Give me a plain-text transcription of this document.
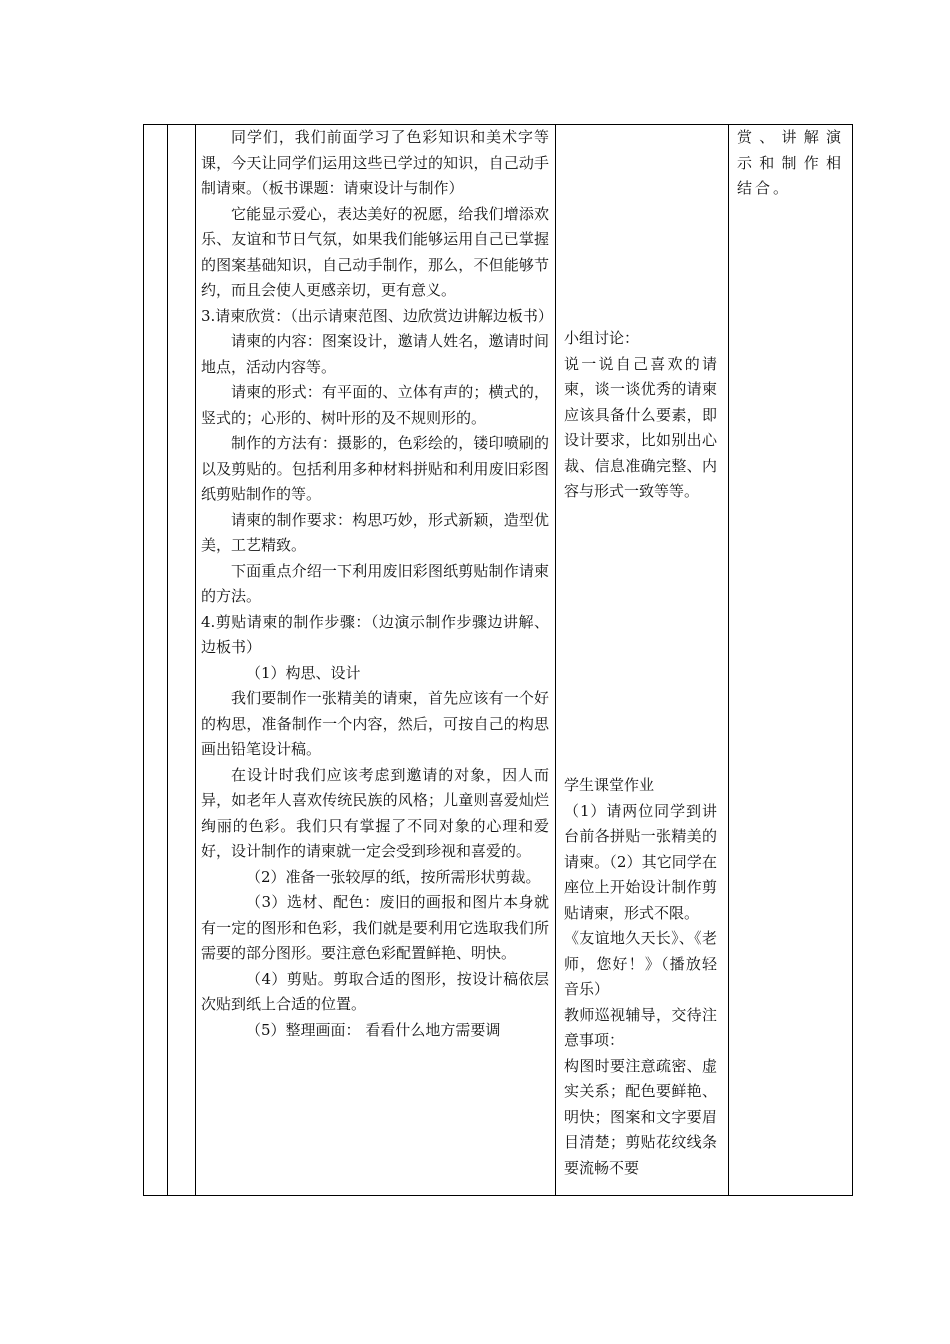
同学们，我们前面学习了色彩知识和美术字等课，今天让同学们运用这些已学过的知识，自己动手制请柬。（板书课题：请柬设计与制作）

它能显示爱心，表达美好的祝愿，给我们增添欢乐、友谊和节日气氛，如果我们能够运用自己已掌握的图案基础知识，自己动手制作，那么，不但能够节约，而且会使人更感亲切，更有意义。

3.请柬欣赏：（出示请柬范图、边欣赏边讲解边板书）

请柬的内容：图案设计，邀请人姓名，邀请时间地点，活动内容等。

请柬的形式：有平面的、立体有声的；横式的，竖式的；心形的、树叶形的及不规则形的。

制作的方法有：摄影的，色彩绘的，镂印喷刷的以及剪贴的。包括利用多种材料拼贴和利用废旧彩图纸剪贴制作的等。

请柬的制作要求：构思巧妙，形式新颖，造型优美，工艺精致。

下面重点介绍一下利用废旧彩图纸剪贴制作请柬的方法。

4.剪贴请柬的制作步骤：（边演示制作步骤边讲解、边板书）

（1）构思、设计

我们要制作一张精美的请柬，首先应该有一个好的构思，准备制作一个内容，然后，可按自己的构思画出铅笔设计稿。

在设计时我们应该考虑到邀请的对象，因人而异，如老年人喜欢传统民族的风格；儿童则喜爱灿烂绚丽的色彩。我们只有掌握了不同对象的心理和爱好，设计制作的请柬就一定会受到珍视和喜爱的。

（2）准备一张较厚的纸，按所需形状剪裁。

（3）选材、配色：废旧的画报和图片本身就有一定的图形和色彩，我们就是要利用它选取我们所需要的部分图形。要注意色彩配置鲜艳、明快。

（4）剪贴。剪取合适的图形，按设计稿依层次贴到纸上合适的位置。

（5）整理画面： 看看什么地方需要调

小组讨论：

说一说自己喜欢的请柬，谈一谈优秀的请柬应该具备什么要素，即设计要求，比如别出心裁、信息准确完整、内容与形式一致等等。

学生课堂作业

（1）请两位同学到讲台前各拼贴一张精美的请柬。（2）其它同学在座位上开始设计制作剪贴请柬，形式不限。

《友谊地久天长》、《老师，您好！》（播放轻音乐）

教师巡视辅导，交待注意事项：

构图时要注意疏密、虚实关系；配色要鲜艳、明快；图案和文字要眉目清楚；剪贴花纹线条要流畅不要

赏、讲解演示和制作相结合。
